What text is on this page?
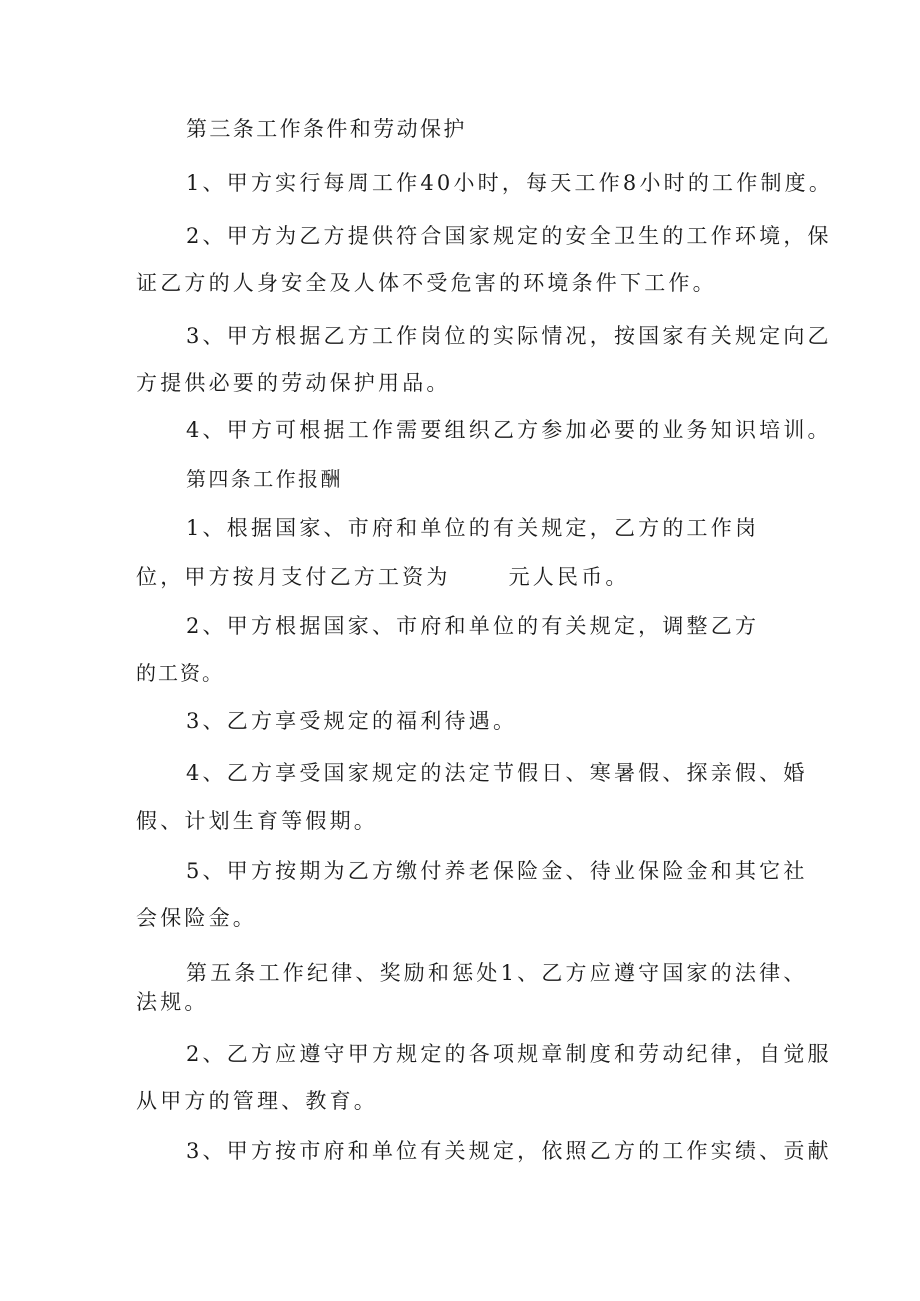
第三条工作条件和劳动保护
1、甲方实行每周工作40小时，每天工作8小时的工作制度。
2、甲方为乙方提供符合国家规定的安全卫生的工作环境，保
证乙方的人身安全及人体不受危害的环境条件下工作。
3、甲方根据乙方工作岗位的实际情况，按国家有关规定向乙
方提供必要的劳动保护用品。
4、甲方可根据工作需要组织乙方参加必要的业务知识培训。
第四条工作报酬
1、根据国家、市府和单位的有关规定，乙方的工作岗
位，甲方按月支付乙方工资为	元人民币。
2、甲方根据国家、市府和单位的有关规定，调整乙方
的工资。
3、乙方享受规定的福利待遇。
4、乙方享受国家规定的法定节假日、寒暑假、探亲假、婚
假、计划生育等假期。
5、甲方按期为乙方缴付养老保险金、待业保险金和其它社
会保险金。
第五条工作纪律、奖励和惩处1、乙方应遵守国家的法律、
法规。
2、乙方应遵守甲方规定的各项规章制度和劳动纪律，自觉服
从甲方的管理、教育。
3、甲方按市府和单位有关规定，依照乙方的工作实绩、贡献
